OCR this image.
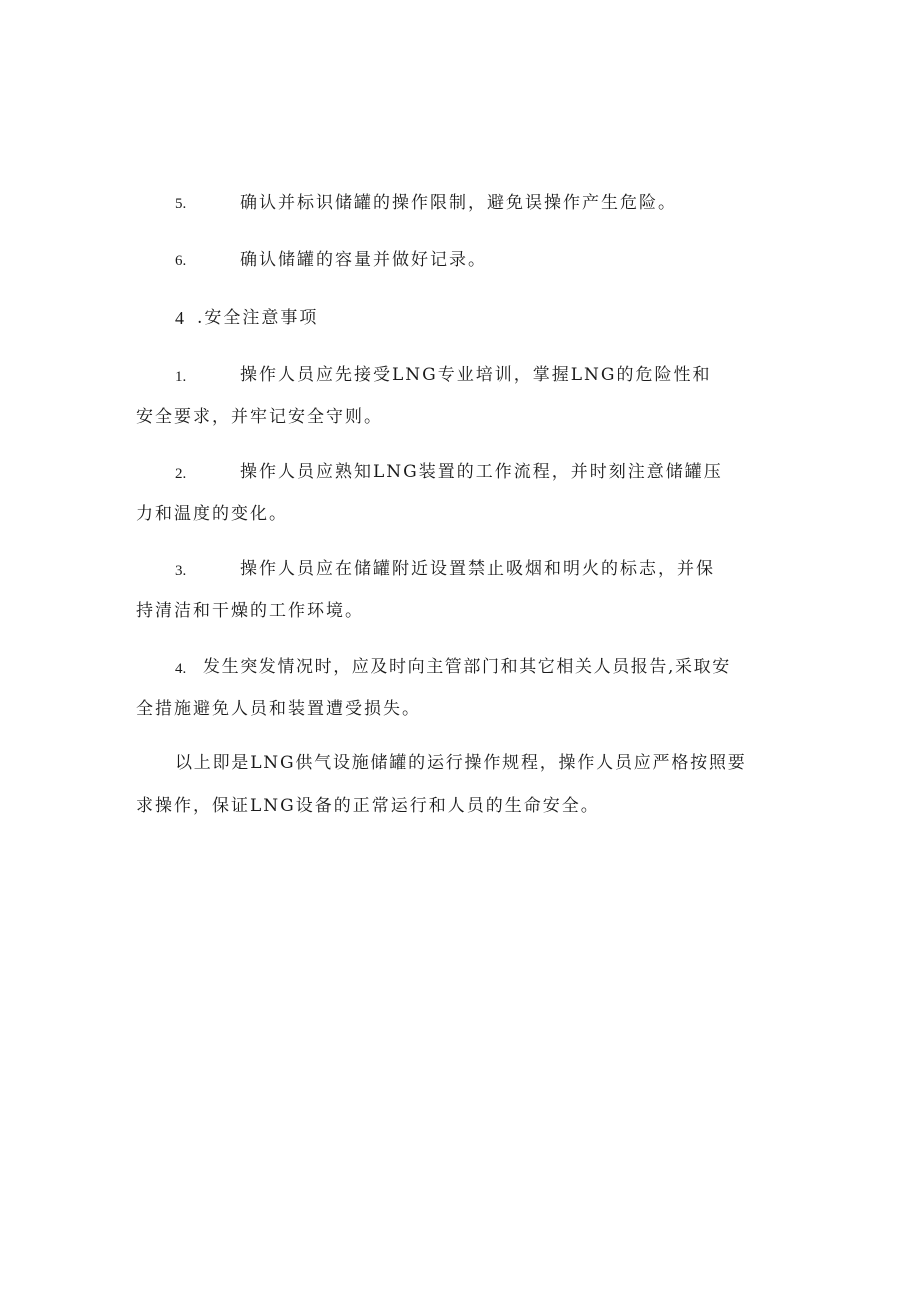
5.	确认并标识储罐的操作限制，避免误操作产生危险。
6.	确认储罐的容量并做好记录。
4 .安全注意事项
1.	操作人员应先接受LNG专业培训，掌握LNG的危险性和
安全要求，并牢记安全守则。
2.	操作人员应熟知LNG装置的工作流程，并时刻注意储罐压
力和温度的变化。
3.	操作人员应在储罐附近设置禁止吸烟和明火的标志，并保
持清洁和干燥的工作环境。
4. 发生突发情况时，应及时向主管部门和其它相关人员报告,采取安
全措施避免人员和装置遭受损失。
以上即是LNG供气设施储罐的运行操作规程，操作人员应严格按照要
求操作，保证LNG设备的正常运行和人员的生命安全。
